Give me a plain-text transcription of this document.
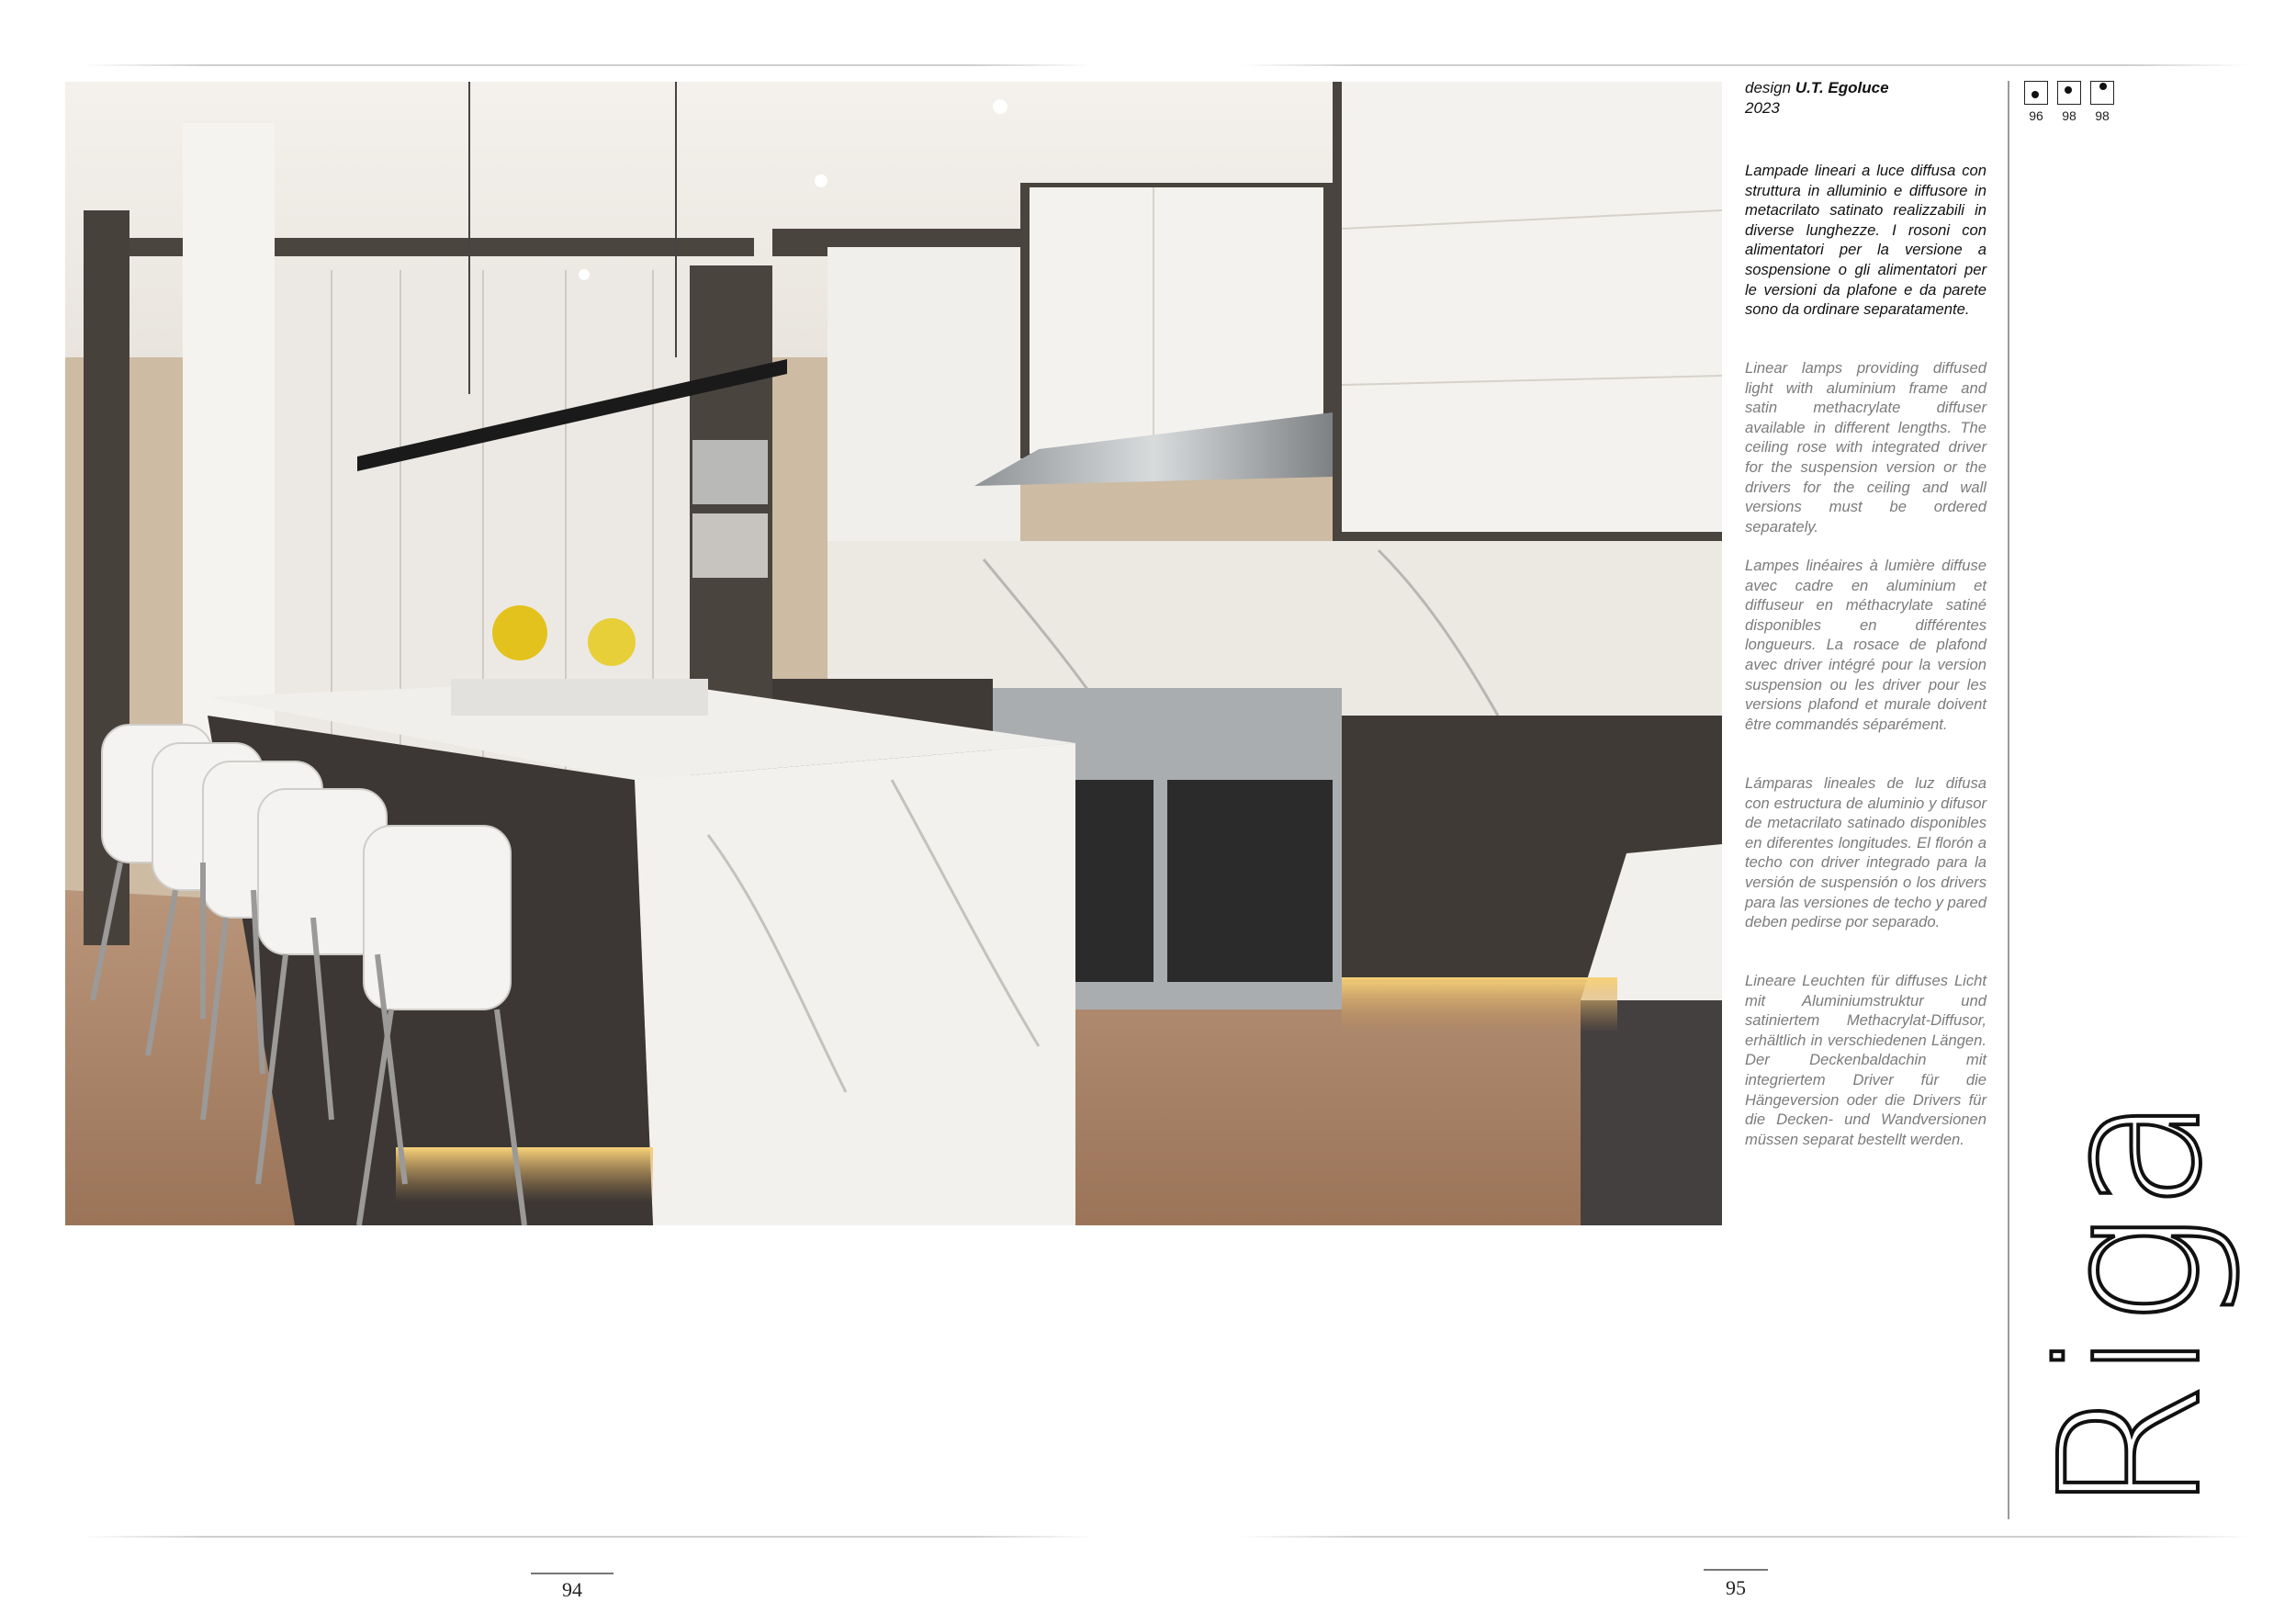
design U.T. Egoluce
2023
Lampade lineari a luce diffusa con struttura in alluminio e diffusore in metacrilato satinato realizzabili in diverse lunghezze. I rosoni con alimentatori per la versione a sospensione o gli alimentatori per le versioni da plafone e da parete sono da ordinare separatamente.
Linear lamps providing diffused light with aluminium frame and satin methacrylate diffuser available in different lengths. The ceiling rose with integrated driver for the suspension version or the drivers for the ceiling and wall versions must be ordered separately.
Lampes linéaires à lumière diffuse avec cadre en aluminium et diffuseur en méthacrylate satiné disponibles en différentes longueurs. La rosace de plafond avec driver intégré pour la version suspension ou les driver pour les versions plafond et murale doivent être commandés séparément.
Lámparas lineales de luz difusa con estructura de aluminio y difusor de metacrilato satinado disponibles en diferentes longitudes. El florón a techo con driver integrado para la versión de suspensión o los drivers para las versiones de techo y pared deben pedirse por separado.
Lineare Leuchten für diffuses Licht mit Aluminiumstruktur und satiniertem Methacrylat-Diffusor, erhältlich in verschiedenen Längen. Der Deckenbaldachin mit integriertem Driver für die Hängeversion oder die Drivers für die Decken- und Wandversionen müssen separat bestellt werden.
96	98	98
Riga
94	95
